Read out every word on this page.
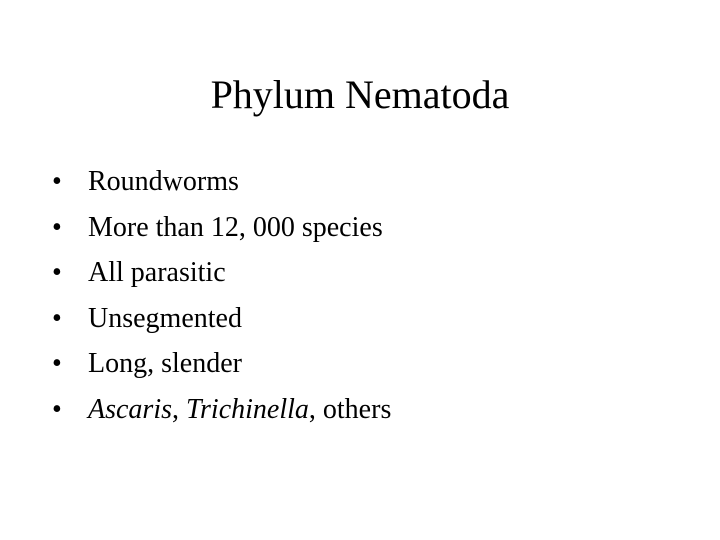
Phylum Nematoda
• Roundworms
• More than 12, 000 species
• All parasitic
• Unsegmented
• Long, slender
• Ascaris, Trichinella, others
